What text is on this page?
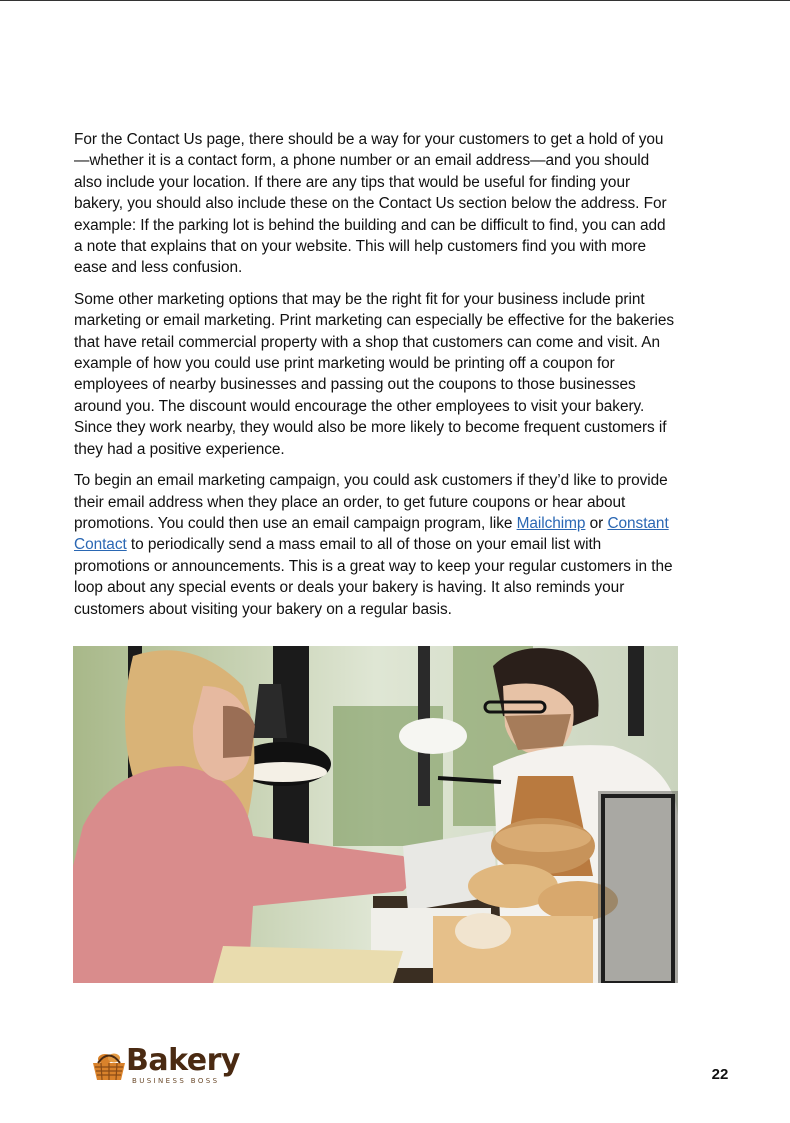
For the Contact Us page, there should be a way for your customers to get a hold of you—whether it is a contact form, a phone number or an email address—and you should also include your location. If there are any tips that would be useful for finding your bakery, you should also include these on the Contact Us section below the address. For example: If the parking lot is behind the building and can be difficult to find, you can add a note that explains that on your website. This will help customers find you with more ease and less confusion.

Some other marketing options that may be the right fit for your business include print marketing or email marketing. Print marketing can especially be effective for the bakeries that have retail commercial property with a shop that customers can come and visit. An example of how you could use print marketing would be printing off a coupon for employees of nearby businesses and passing out the coupons to those businesses around you. The discount would encourage the other employees to visit your bakery. Since they work nearby, they would also be more likely to become frequent customers if they had a positive experience.

To begin an email marketing campaign, you could ask customers if they’d like to provide their email address when they place an order, to get future coupons or hear about promotions. You could then use an email campaign program, like Mailchimp or Constant Contact to periodically send a mass email to all of those on your email list with promotions or announcements. This is a great way to keep your regular customers in the loop about any special events or deals your bakery is having. It also reminds your customers about visiting your bakery on a regular basis.

Bakery
BUSINESS BOSS	22
